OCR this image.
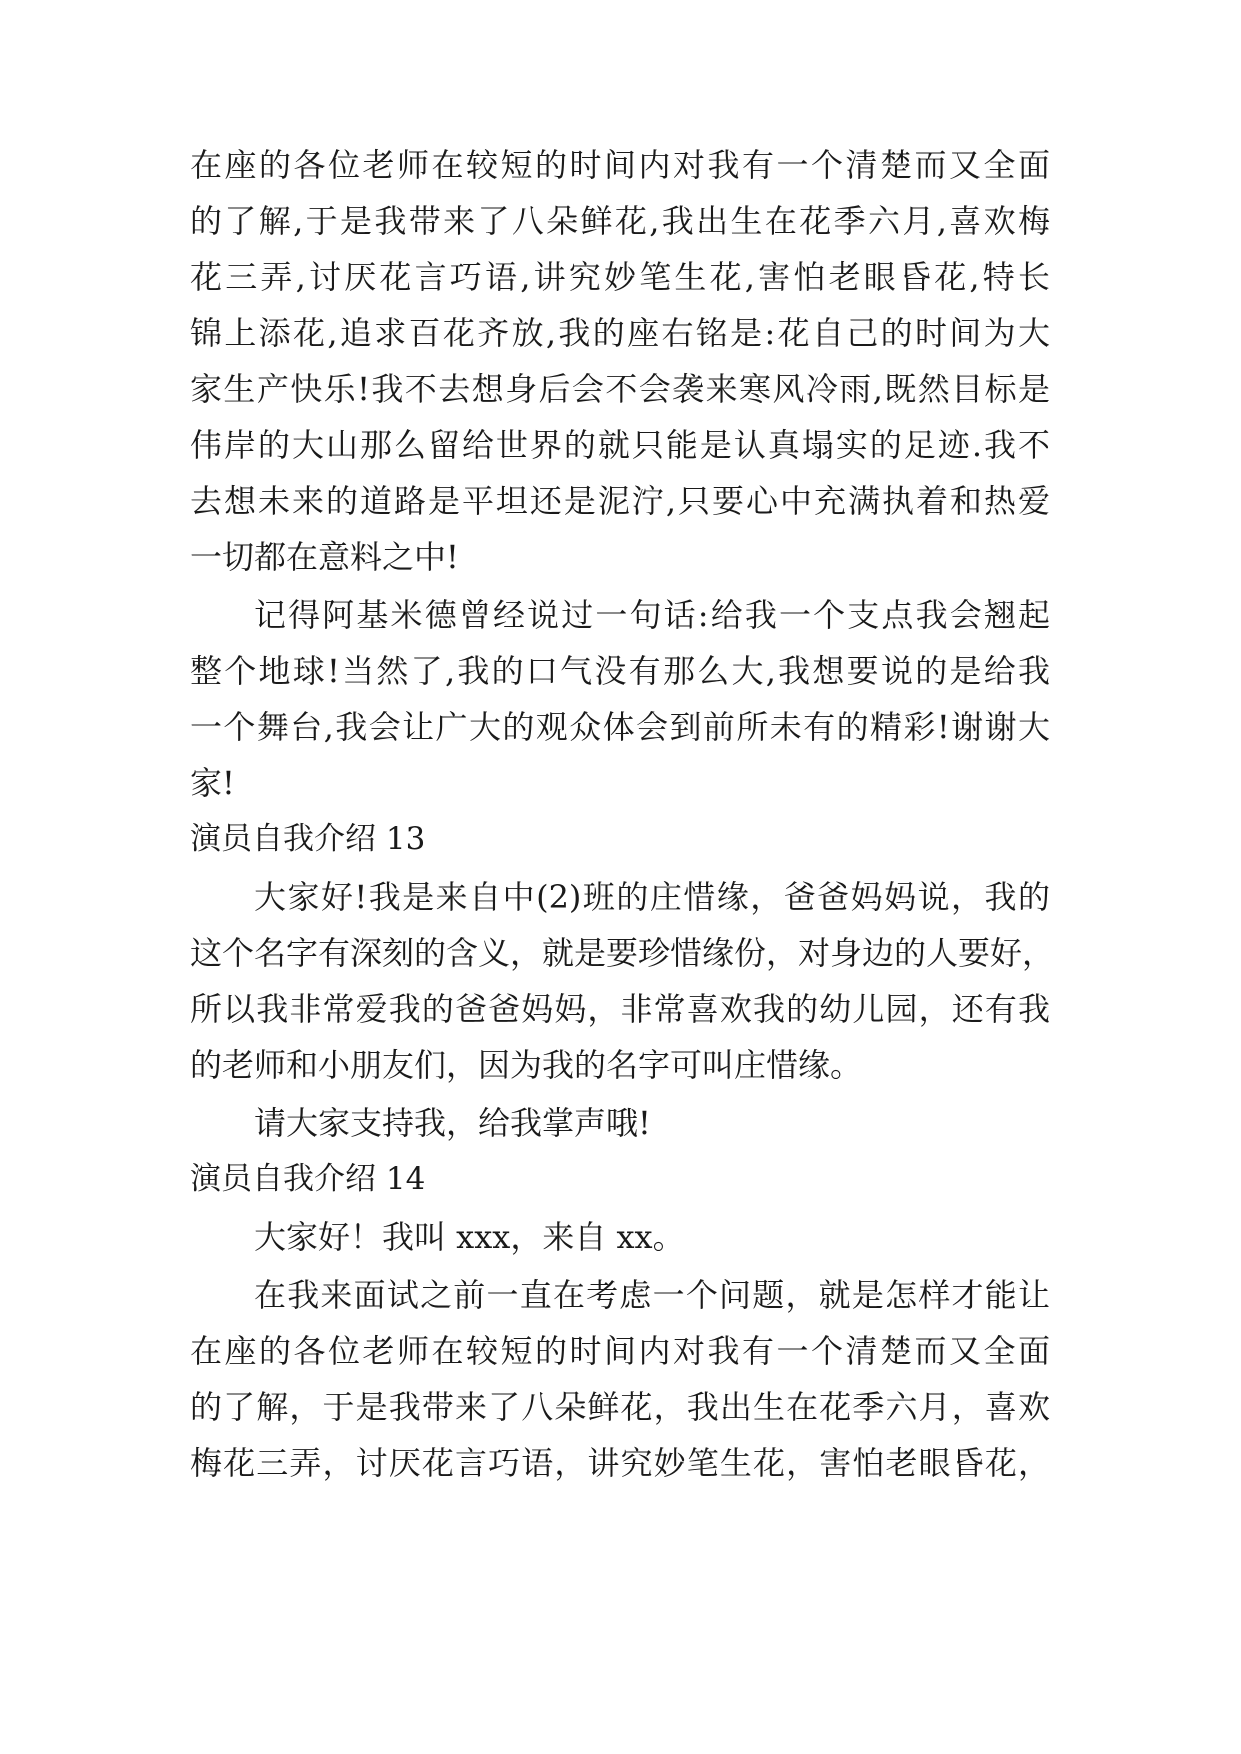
在座的各位老师在较短的时间内对我有一个清楚而又全面
的了解,于是我带来了八朵鲜花,我出生在花季六月,喜欢梅
花三弄,讨厌花言巧语,讲究妙笔生花,害怕老眼昏花,特长
锦上添花,追求百花齐放,我的座右铭是:花自己的时间为大
家生产快乐!我不去想身后会不会袭来寒风冷雨,既然目标是
伟岸的大山那么留给世界的就只能是认真塌实的足迹.我不
去想未来的道路是平坦还是泥泞,只要心中充满执着和热爱
一切都在意料之中!
记得阿基米德曾经说过一句话:给我一个支点我会翘起
整个地球!当然了,我的口气没有那么大,我想要说的是给我
一个舞台,我会让广大的观众体会到前所未有的精彩!谢谢大
家!
演员自我介绍 13
大家好!我是来自中(2)班的庄惜缘，爸爸妈妈说，我的
这个名字有深刻的含义，就是要珍惜缘份，对身边的人要好，
所以我非常爱我的爸爸妈妈，非常喜欢我的幼儿园，还有我
的老师和小朋友们，因为我的名字可叫庄惜缘。
请大家支持我，给我掌声哦!
演员自我介绍 14
大家好！我叫 xxx，来自 xx。
在我来面试之前一直在考虑一个问题，就是怎样才能让
在座的各位老师在较短的时间内对我有一个清楚而又全面
的了解，于是我带来了八朵鲜花，我出生在花季六月，喜欢
梅花三弄，讨厌花言巧语，讲究妙笔生花，害怕老眼昏花，
